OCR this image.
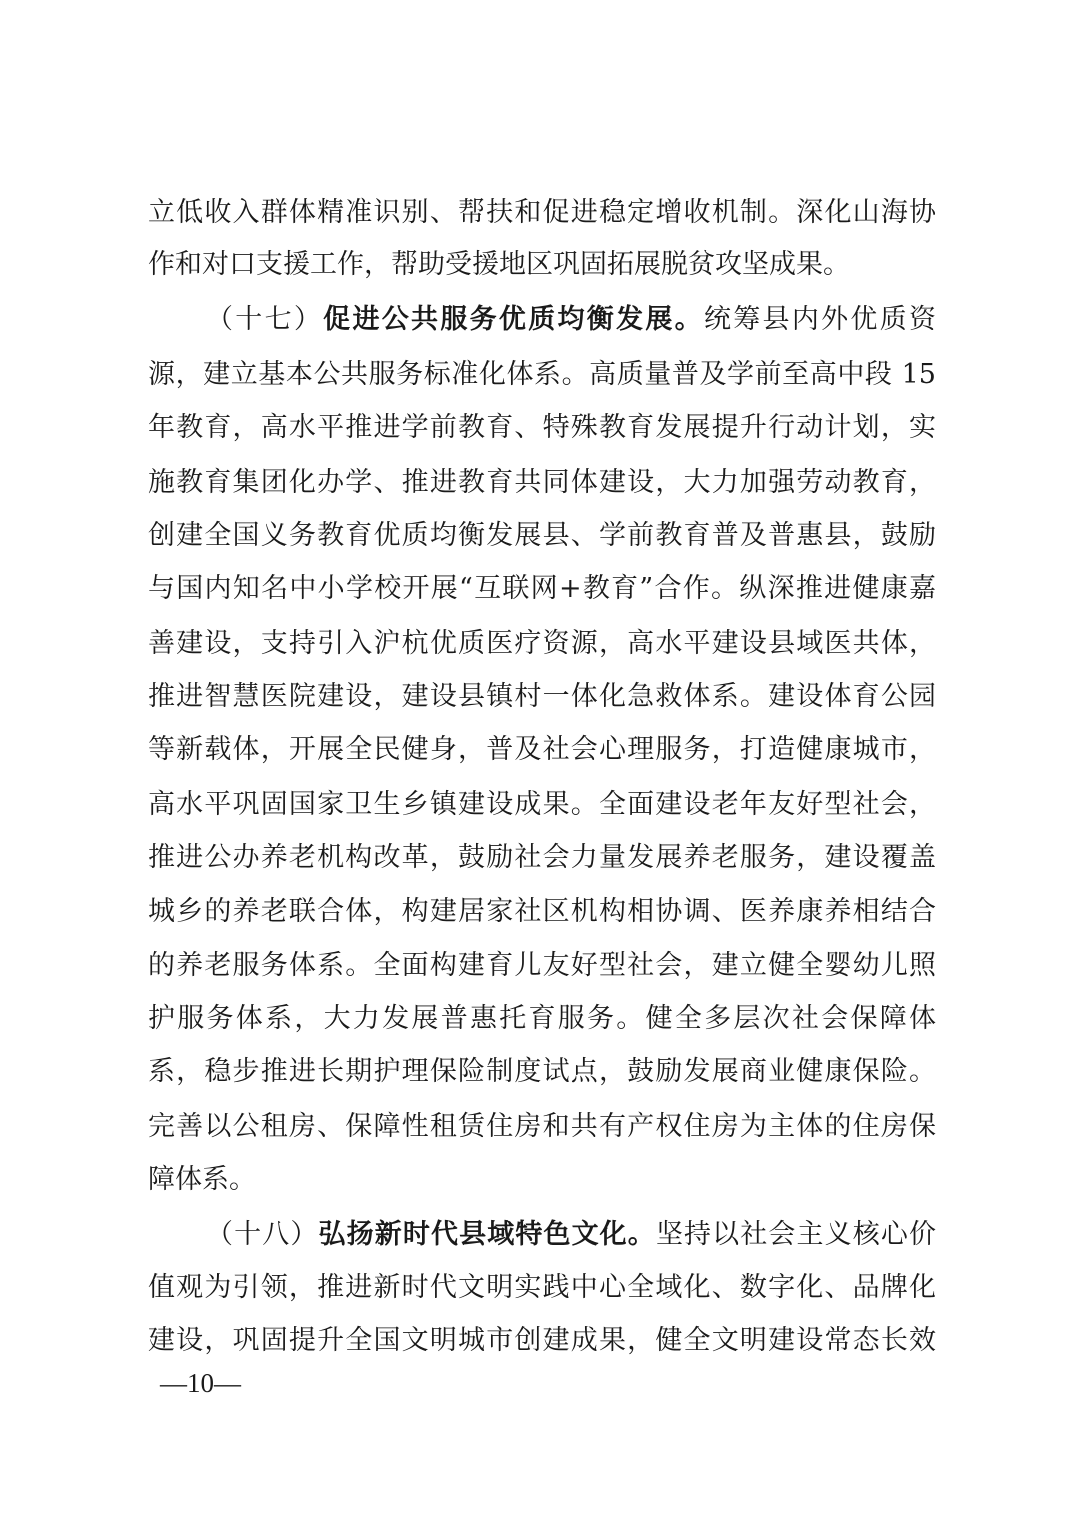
立低收入群体精准识别、帮扶和促进稳定增收机制。深化山海协
作和对口支援工作，帮助受援地区巩固拓展脱贫攻坚成果。
（十七）促进公共服务优质均衡发展。统筹县内外优质资
源，建立基本公共服务标准化体系。高质量普及学前至高中段 15
年教育，高水平推进学前教育、特殊教育发展提升行动计划，实
施教育集团化办学、推进教育共同体建设，大力加强劳动教育，
创建全国义务教育优质均衡发展县、学前教育普及普惠县，鼓励
与国内知名中小学校开展“互联网+教育”合作。纵深推进健康嘉
善建设，支持引入沪杭优质医疗资源，高水平建设县域医共体，
推进智慧医院建设，建设县镇村一体化急救体系。建设体育公园
等新载体，开展全民健身，普及社会心理服务，打造健康城市，
高水平巩固国家卫生乡镇建设成果。全面建设老年友好型社会，
推进公办养老机构改革，鼓励社会力量发展养老服务，建设覆盖
城乡的养老联合体，构建居家社区机构相协调、医养康养相结合
的养老服务体系。全面构建育儿友好型社会，建立健全婴幼儿照
护服务体系，大力发展普惠托育服务。健全多层次社会保障体
系，稳步推进长期护理保险制度试点，鼓励发展商业健康保险。
完善以公租房、保障性租赁住房和共有产权住房为主体的住房保
障体系。
（十八）弘扬新时代县域特色文化。坚持以社会主义核心价
值观为引领，推进新时代文明实践中心全域化、数字化、品牌化
建设，巩固提升全国文明城市创建成果，健全文明建设常态长效
—10—
